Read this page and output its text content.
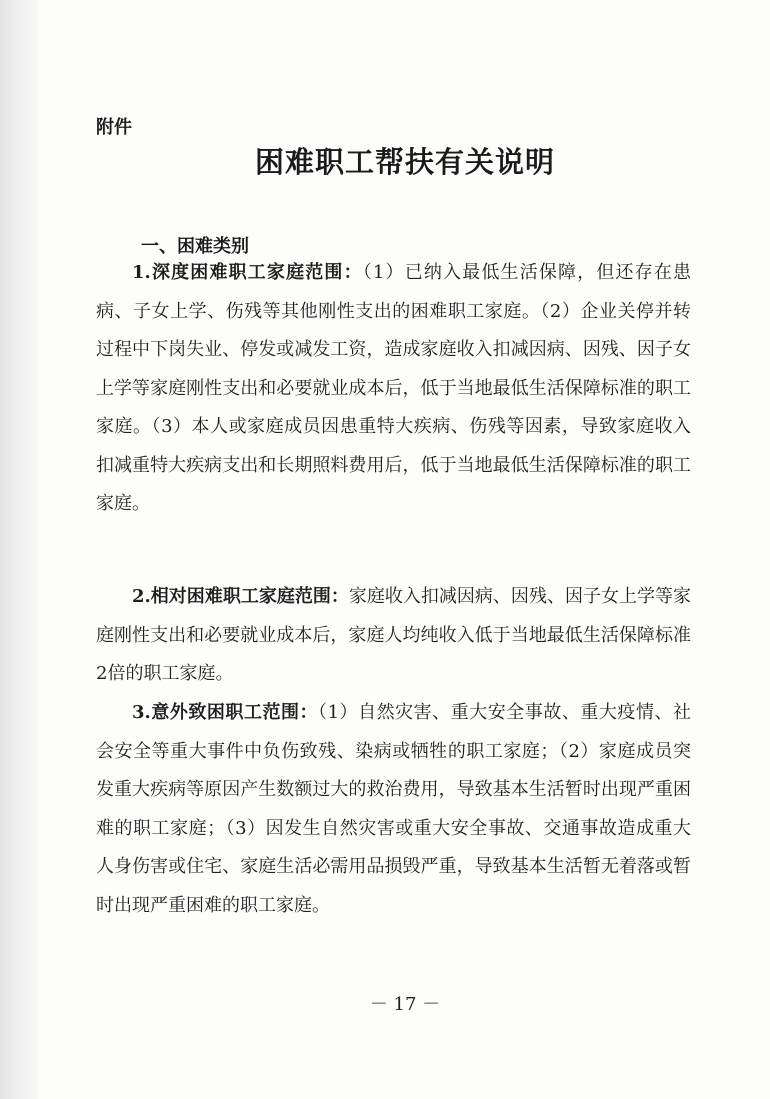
附件
困难职工帮扶有关说明
一、困难类别

1.深度困难职工家庭范围：（1）已纳入最低生活保障，但还存在患病、子女上学、伤残等其他刚性支出的困难职工家庭。（2）企业关停并转过程中下岗失业、停发或减发工资，造成家庭收入扣减因病、因残、因子女上学等家庭刚性支出和必要就业成本后，低于当地最低生活保障标准的职工家庭。（3）本人或家庭成员因患重特大疾病、伤残等因素，导致家庭收入扣减重特大疾病支出和长期照料费用后，低于当地最低生活保障标准的职工家庭。

2.相对困难职工家庭范围：家庭收入扣减因病、因残、因子女上学等家庭刚性支出和必要就业成本后，家庭人均纯收入低于当地最低生活保障标准2倍的职工家庭。

3.意外致困职工范围：（1）自然灾害、重大安全事故、重大疫情、社会安全等重大事件中负伤致残、染病或牺牲的职工家庭；（2）家庭成员突发重大疾病等原因产生数额过大的救治费用，导致基本生活暂时出现严重困难的职工家庭；（3）因发生自然灾害或重大安全事故、交通事故造成重大人身伤害或住宅、家庭生活必需用品损毁严重，导致基本生活暂无着落或暂时出现严重困难的职工家庭。

－ 17 －
